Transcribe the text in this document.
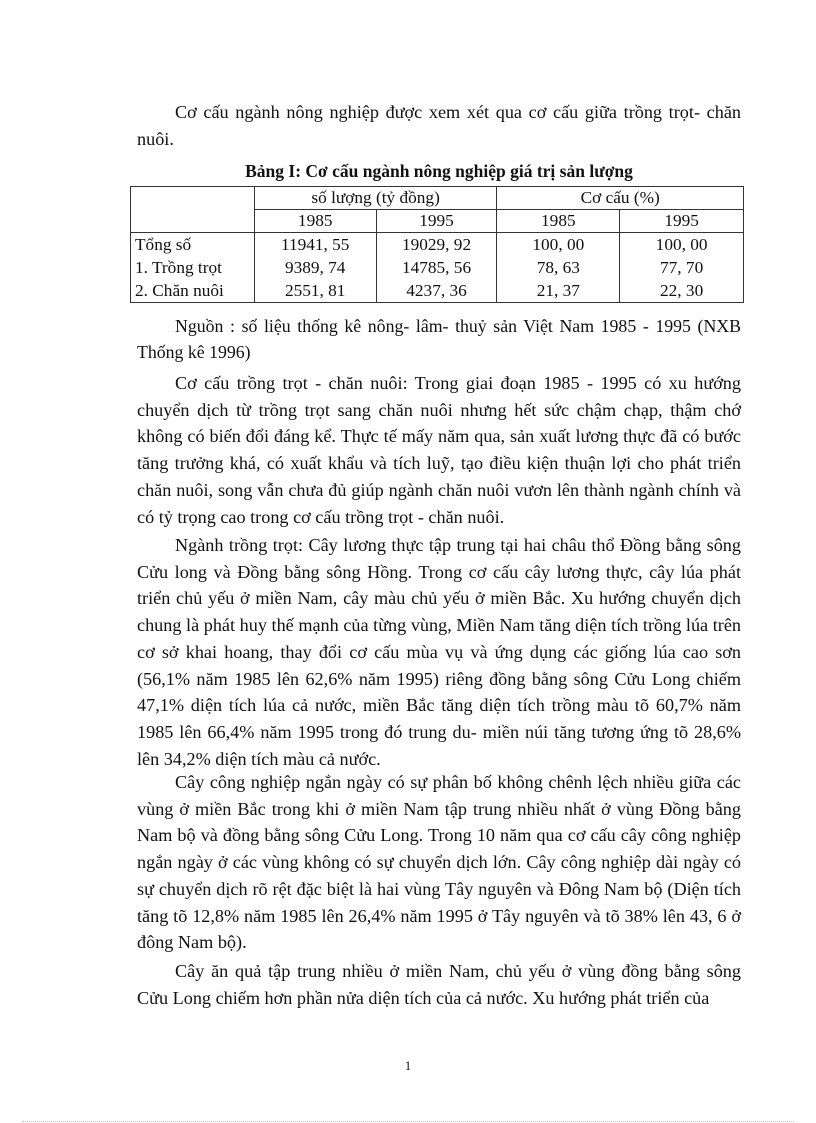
Cơ cấu ngành nông nghiệp được xem xét qua cơ cấu giữa trồng trọt- chăn nuôi.

Bảng I: Cơ cấu ngành nông nghiệp giá trị sản lượng

	số lượng (tỷ đồng)		Cơ cấu (%)	
	1985	1995	1985	1995
Tổng số	11941, 55	19029, 92	100, 00	100, 00
1. Trồng trọt	9389, 74	14785, 56	78, 63	77, 70
2. Chăn nuôi	2551, 81	4237, 36	21, 37	22, 30

Nguồn : số liệu thống kê nông- lâm- thuỷ sản Việt Nam 1985 - 1995 (NXB Thống kê 1996)

Cơ cấu trồng trọt - chăn nuôi: Trong giai đoạn 1985 - 1995 có xu hướng chuyển dịch từ trồng trọt sang chăn nuôi nhưng hết sức chậm chạp, thậm chớ không có biến đổi đáng kể. Thực tế mấy năm qua, sản xuất lương thực đã có bước tăng trưởng khá, có xuất khẩu và tích luỹ, tạo điều kiện thuận lợi cho phát triển chăn nuôi, song vẫn chưa đủ giúp ngành chăn nuôi vươn lên thành ngành chính và có tỷ trọng cao trong cơ cấu trồng trọt - chăn nuôi.

Ngành trồng trọt: Cây lương thực tập trung tại hai châu thổ Đồng bằng sông Cửu long và Đồng bằng sông Hồng. Trong cơ cấu cây lương thực, cây lúa phát triển chủ yếu ở miền Nam, cây màu chủ yếu ở miền Bắc. Xu hướng chuyển dịch chung là phát huy thế mạnh của từng vùng, Miền Nam tăng diện tích trồng lúa trên cơ sở khai hoang, thay đổi cơ cấu mùa vụ và ứng dụng các giống lúa cao sơn (56,1% năm 1985 lên 62,6% năm 1995) riêng đồng bằng sông Cửu Long chiếm 47,1% diện tích lúa cả nước, miền Bắc tăng diện tích trồng màu tõ 60,7% năm 1985 lên 66,4% năm 1995 trong đó trung du- miền núi tăng tương ứng tõ 28,6% lên 34,2% diện tích màu cả nước.

Cây công nghiệp ngắn ngày có sự phân bố không chênh lệch nhiều giữa các vùng ở miền Bắc trong khi ở miền Nam tập trung nhiều nhất ở vùng Đồng bằng Nam bộ và đồng bằng sông Cửu Long. Trong 10 năm qua cơ cấu cây công nghiệp ngắn ngày ở các vùng không có sự chuyển dịch lớn. Cây công nghiệp dài ngày có sự chuyển dịch rõ rệt đặc biệt là hai vùng Tây nguyên và Đông Nam bộ (Diện tích tăng tõ 12,8% năm 1985 lên 26,4% năm 1995 ở Tây nguyên và tõ 38% lên 43, 6 ở đông Nam bộ).

Cây ăn quả tập trung nhiều ở miền Nam, chủ yếu ở vùng đồng bằng sông Cửu Long chiếm hơn phần nửa diện tích của cả nước. Xu hướng phát triển của

1
